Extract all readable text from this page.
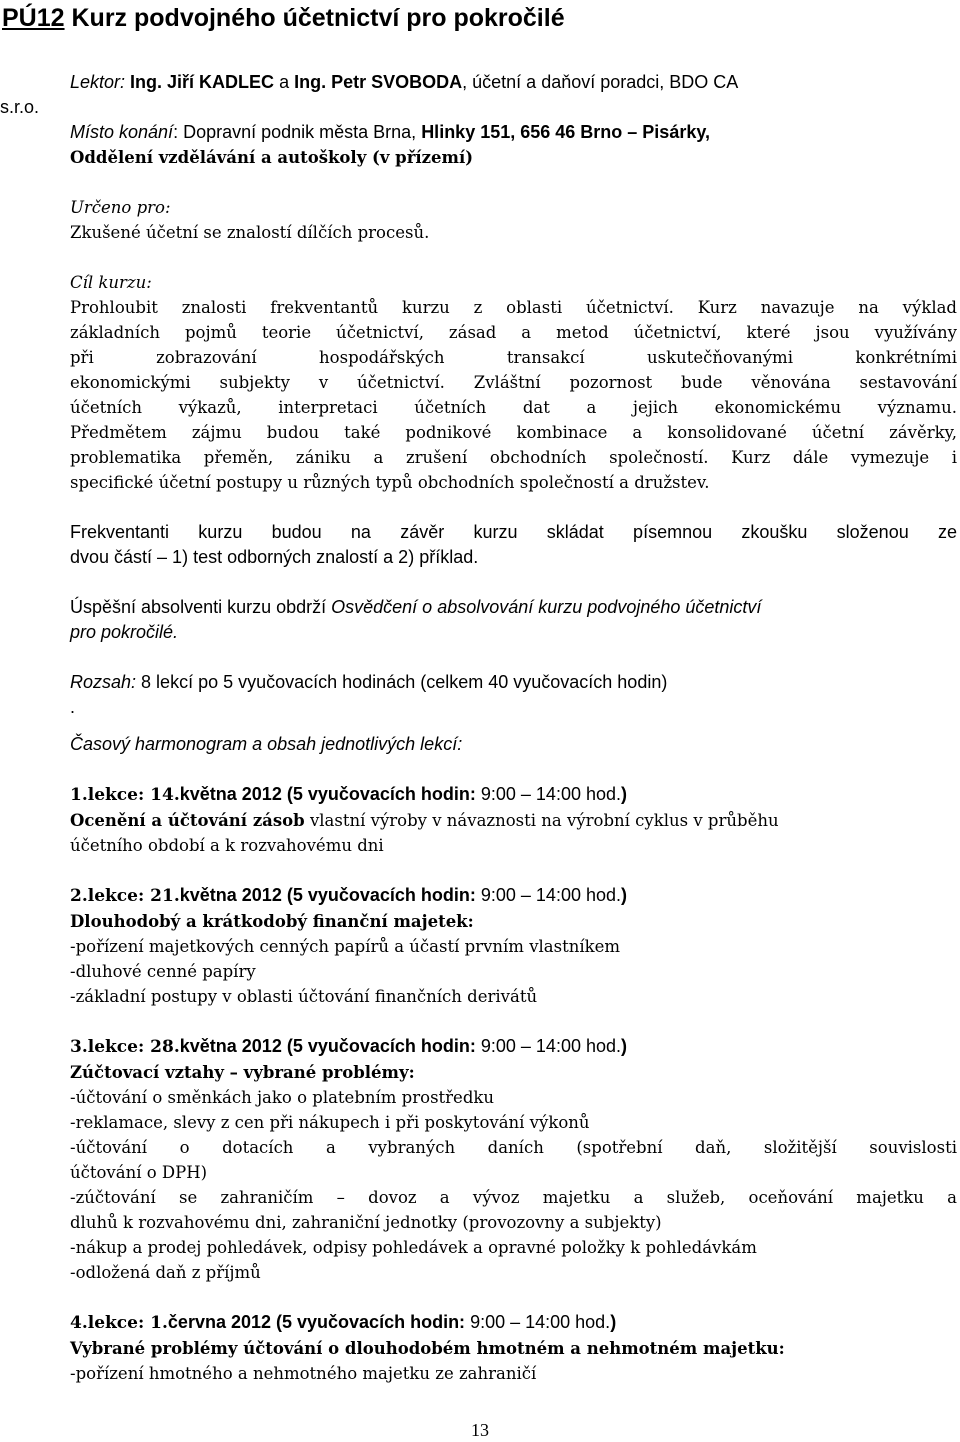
PÚ12 Kurz podvojného účetnictví pro pokročilé
Lektor: Ing. Jiří KADLEC a Ing. Petr SVOBODA, účetní a daňoví poradci, BDO CA
s.r.o.
Místo konání: Dopravní podnik města Brna, Hlinky 151, 656 46 Brno – Pisárky,
Oddělení vzdělávání a autoškoly (v přízemí)
Určeno pro:
Zkušené účetní se znalostí dílčích procesů.
Cíl kurzu:
Prohloubit znalosti frekventantů kurzu z oblasti účetnictví. Kurz navazuje na výklad
základních pojmů teorie účetnictví, zásad a metod účetnictví, které jsou využívány
při zobrazování hospodářských transakcí uskutečňovanými konkrétními
ekonomickými subjekty v účetnictví. Zvláštní pozornost bude věnována sestavování
účetních výkazů, interpretaci účetních dat a jejich ekonomickému významu.
Předmětem zájmu budou také podnikové kombinace a konsolidované účetní závěrky,
problematika přeměn, zániku a zrušení obchodních společností. Kurz dále vymezuje i
specifické účetní postupy u různých typů obchodních společností a družstev.
Frekventanti kurzu budou na závěr kurzu skládat písemnou zkoušku složenou ze
dvou částí – 1) test odborných znalostí a 2) příklad.
Úspěšní absolventi kurzu obdrží Osvědčení o absolvování kurzu podvojného účetnictví
pro pokročilé.
Rozsah: 8 lekcí po 5 vyučovacích hodinách (celkem 40 vyučovacích hodin)
.
Časový harmonogram a obsah jednotlivých lekcí:
1.lekce: 14.května 2012 (5 vyučovacích hodin: 9:00 – 14:00 hod.)
Ocenění a účtování zásob vlastní výroby v návaznosti na výrobní cyklus v průběhu
účetního období a k rozvahovému dni
2.lekce: 21.května 2012 (5 vyučovacích hodin: 9:00 – 14:00 hod.)
Dlouhodobý a krátkodobý finanční majetek:
-pořízení majetkových cenných papírů a účastí prvním vlastníkem
-dluhové cenné papíry
-základní postupy v oblasti účtování finančních derivátů
3.lekce: 28.května 2012 (5 vyučovacích hodin: 9:00 – 14:00 hod.)
Zúčtovací vztahy – vybrané problémy:
-účtování o směnkách jako o platebním prostředku
-reklamace, slevy z cen při nákupech i při poskytování výkonů
-účtování o dotacích a vybraných daních (spotřební daň, složitější souvislosti
účtování o DPH)
-zúčtování se zahraničím – dovoz a vývoz majetku a služeb, oceňování majetku a
dluhů k rozvahovému dni, zahraniční jednotky (provozovny a subjekty)
-nákup a prodej pohledávek, odpisy pohledávek a opravné položky k pohledávkám
-odložená daň z příjmů
4.lekce: 1.června 2012 (5 vyučovacích hodin: 9:00 – 14:00 hod.)
Vybrané problémy účtování o dlouhodobém hmotném a nehmotném majetku:
-pořízení hmotného a nehmotného majetku ze zahraničí
13
